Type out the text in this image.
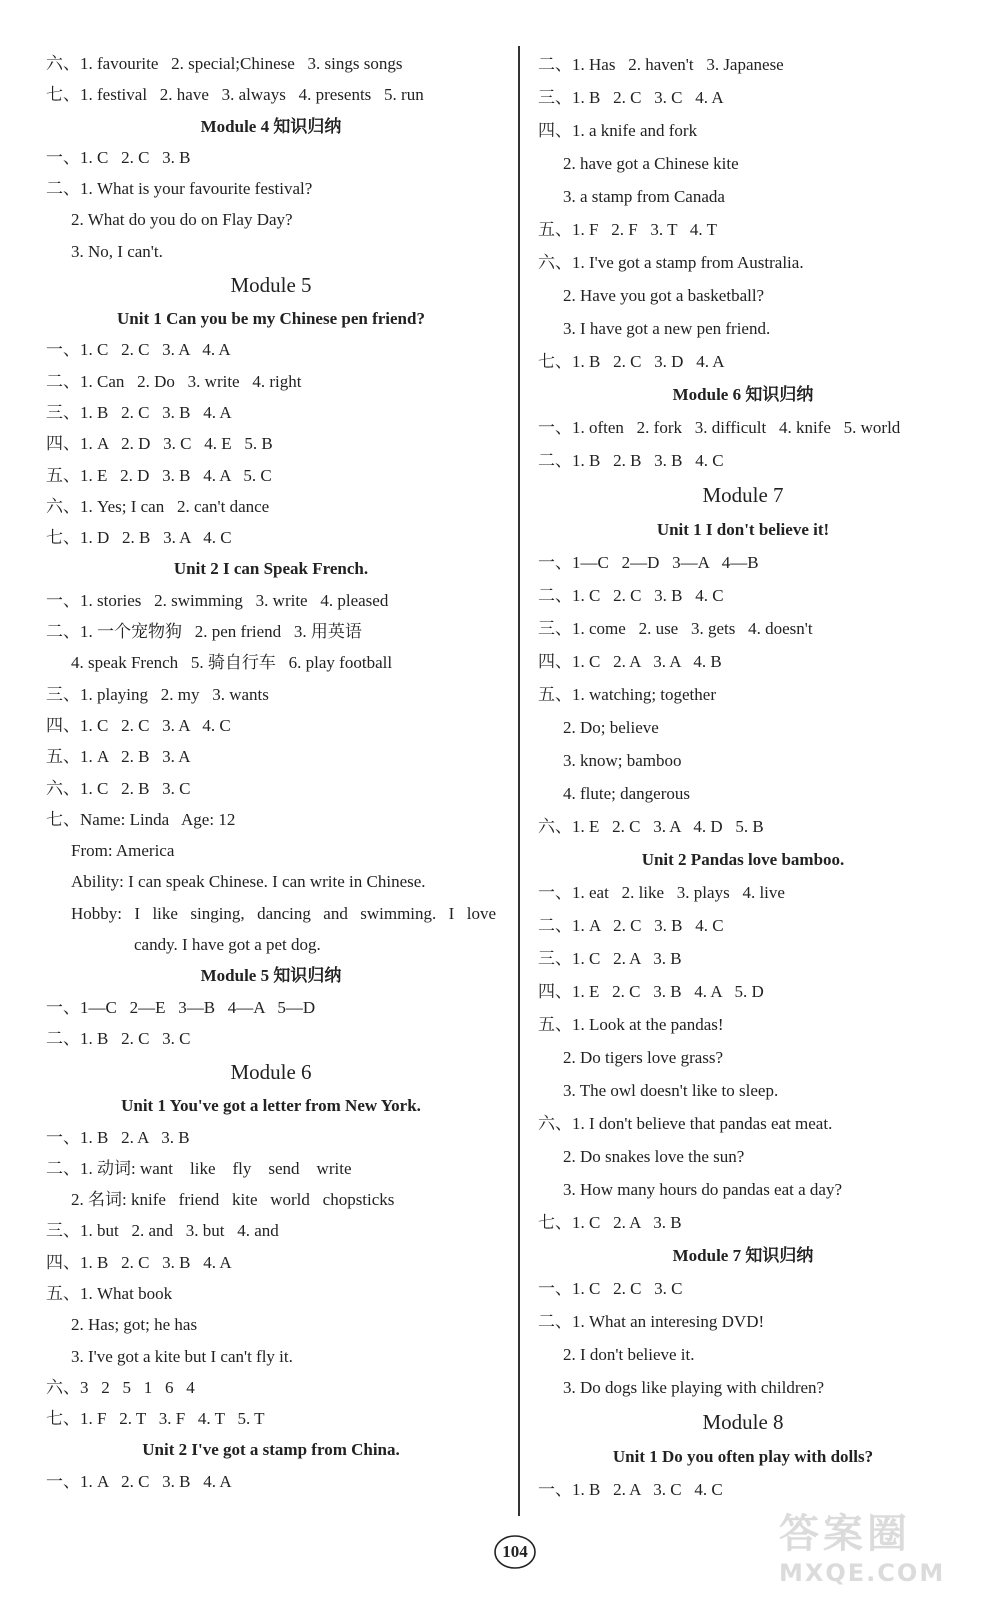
六、1. favourite   2. special;Chinese   3. sings songs
七、1. festival   2. have   3. always   4. presents   5. run
Module 4 知识归纳
一、1. C   2. C   3. B
二、1. What is your favourite festival?
2. What do you do on Flay Day?
3. No, I can't.
Module 5
Unit 1 Can you be my Chinese pen friend?
一、1. C   2. C   3. A   4. A
二、1. Can   2. Do   3. write   4. right
三、1. B   2. C   3. B   4. A
四、1. A   2. D   3. C   4. E   5. B
五、1. E   2. D   3. B   4. A   5. C
六、1. Yes; I can   2. can't dance
七、1. D   2. B   3. A   4. C
Unit 2 I can Speak French.
一、1. stories   2. swimming   3. write   4. pleased
二、1. 一个宠物狗   2. pen friend   3. 用英语
4. speak French   5. 骑自行车   6. play football
三、1. playing   2. my   3. wants
四、1. C   2. C   3. A   4. C
五、1. A   2. B   3. A
六、1. C   2. B   3. C
七、Name: Linda   Age: 12
From: America
Ability: I can speak Chinese. I can write in Chinese.
Hobby: I like singing, dancing and swimming. I love
candy. I have got a pet dog.
Module 5 知识归纳
一、1—C   2—E   3—B   4—A   5—D
二、1. B   2. C   3. C
Module 6
Unit 1 You've got a letter from New York.
一、1. B   2. A   3. B
二、1. 动词: want    like    fly    send    write
2. 名词: knife   friend   kite   world   chopsticks
三、1. but   2. and   3. but   4. and
四、1. B   2. C   3. B   4. A
五、1. What book
2. Has; got; he has
3. I've got a kite but I can't fly it.
六、3   2   5   1   6   4
七、1. F   2. T   3. F   4. T   5. T
Unit 2 I've got a stamp from China.
一、1. A   2. C   3. B   4. A
二、1. Has   2. haven't   3. Japanese
三、1. B   2. C   3. C   4. A
四、1. a knife and fork
2. have got a Chinese kite
3. a stamp from Canada
五、1. F   2. F   3. T   4. T
六、1. I've got a stamp from Australia.
2. Have you got a basketball?
3. I have got a new pen friend.
七、1. B   2. C   3. D   4. A
Module 6 知识归纳
一、1. often   2. fork   3. difficult   4. knife   5. world
二、1. B   2. B   3. B   4. C
Module 7
Unit 1 I don't believe it!
一、1—C   2—D   3—A   4—B
二、1. C   2. C   3. B   4. C
三、1. come   2. use   3. gets   4. doesn't
四、1. C   2. A   3. A   4. B
五、1. watching; together
2. Do; believe
3. know; bamboo
4. flute; dangerous
六、1. E   2. C   3. A   4. D   5. B
Unit 2 Pandas love bamboo.
一、1. eat   2. like   3. plays   4. live
二、1. A   2. C   3. B   4. C
三、1. C   2. A   3. B
四、1. E   2. C   3. B   4. A   5. D
五、1. Look at the pandas!
2. Do tigers love grass?
3. The owl doesn't like to sleep.
六、1. I don't believe that pandas eat meat.
2. Do snakes love the sun?
3. How many hours do pandas eat a day?
七、1. C   2. A   3. B
Module 7 知识归纳
一、1. C   2. C   3. C
二、1. What an interesing DVD!
2. I don't believe it.
3. Do dogs like playing with children?
Module 8
Unit 1 Do you often play with dolls?
一、1. B   2. A   3. C   4. C
104	答案圈
MXQE.COM
